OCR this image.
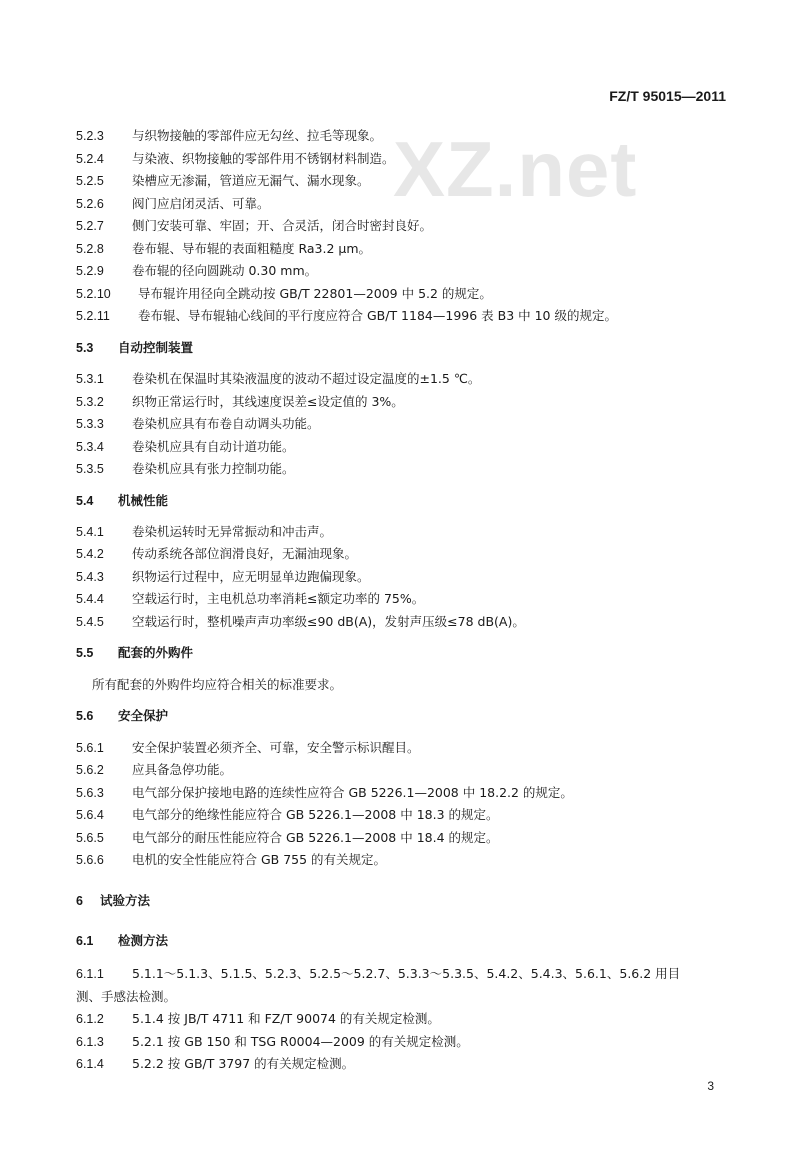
XZ.net
FZ/T 95015—2011
5.2.3 与织物接触的零部件应无勾丝、拉毛等现象。
5.2.4 与染液、织物接触的零部件用不锈钢材料制造。
5.2.5 染槽应无渗漏，管道应无漏气、漏水现象。
5.2.6 阀门应启闭灵活、可靠。
5.2.7 侧门安装可靠、牢固；开、合灵活，闭合时密封良好。
5.2.8 卷布辊、导布辊的表面粗糙度 Ra3.2 μm。
5.2.9 卷布辊的径向圆跳动 0.30 mm。
5.2.10 导布辊许用径向全跳动按 GB/T 22801—2009 中 5.2 的规定。
5.2.11 卷布辊、导布辊轴心线间的平行度应符合 GB/T 1184—1996 表 B3 中 10 级的规定。
5.3 自动控制装置
5.3.1 卷染机在保温时其染液温度的波动不超过设定温度的±1.5 ℃。
5.3.2 织物正常运行时，其线速度误差≤设定值的 3%。
5.3.3 卷染机应具有布卷自动调头功能。
5.3.4 卷染机应具有自动计道功能。
5.3.5 卷染机应具有张力控制功能。
5.4 机械性能
5.4.1 卷染机运转时无异常振动和冲击声。
5.4.2 传动系统各部位润滑良好，无漏油现象。
5.4.3 织物运行过程中，应无明显单边跑偏现象。
5.4.4 空载运行时，主电机总功率消耗≤额定功率的 75%。
5.4.5 空载运行时，整机噪声声功率级≤90 dB(A)，发射声压级≤78 dB(A)。
5.5 配套的外购件
所有配套的外购件均应符合相关的标准要求。
5.6 安全保护
5.6.1 安全保护装置必须齐全、可靠，安全警示标识醒目。
5.6.2 应具备急停功能。
5.6.3 电气部分保护接地电路的连续性应符合 GB 5226.1—2008 中 18.2.2 的规定。
5.6.4 电气部分的绝缘性能应符合 GB 5226.1—2008 中 18.3 的规定。
5.6.5 电气部分的耐压性能应符合 GB 5226.1—2008 中 18.4 的规定。
5.6.6 电机的安全性能应符合 GB 755 的有关规定。
6 试验方法
6.1 检测方法
6.1.1 5.1.1～5.1.3、5.1.5、5.2.3、5.2.5～5.2.7、5.3.3～5.3.5、5.4.2、5.4.3、5.6.1、5.6.2 用目
测、手感法检测。
6.1.2 5.1.4 按 JB/T 4711 和 FZ/T 90074 的有关规定检测。
6.1.3 5.2.1 按 GB 150 和 TSG R0004—2009 的有关规定检测。
6.1.4 5.2.2 按 GB/T 3797 的有关规定检测。
3
